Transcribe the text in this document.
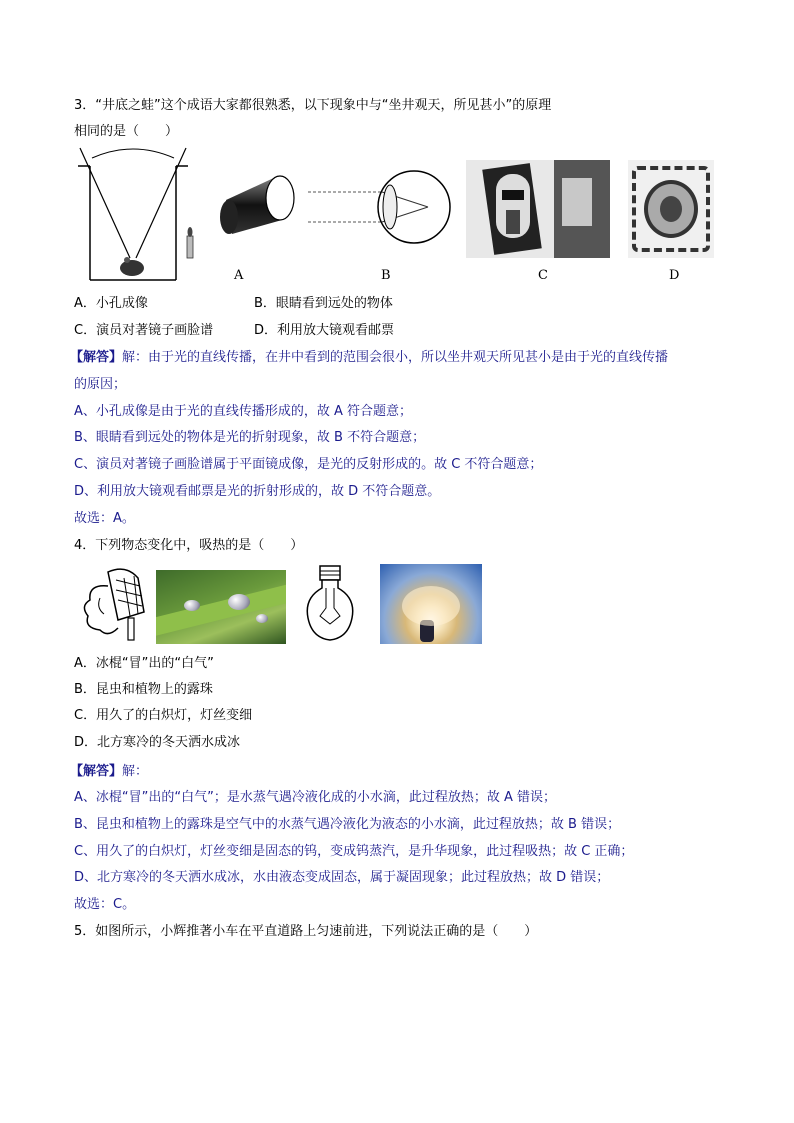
3．“井底之蛙”这个成语大家都很熟悉，以下现象中与“坐井观天，所见甚小”的原理
相同的是（　　）
A	B	C	D
A．小孔成像	B．眼睛看到远处的物体
C．演员对著镜子画脸谱	D．利用放大镜观看邮票
【解答】解：由于光的直线传播，在井中看到的范围会很小，所以坐井观天所见甚小是由于光的直线传播
的原因；
A、小孔成像是由于光的直线传播形成的，故 A 符合题意；
B、眼睛看到远处的物体是光的折射现象，故 B 不符合题意；
C、演员对著镜子画脸谱属于平面镜成像，是光的反射形成的。故 C 不符合题意；
D、利用放大镜观看邮票是光的折射形成的，故 D 不符合题意。
故选：A。
4．下列物态变化中，吸热的是（　　）
A．冰棍“冒”出的“白气”
B．昆虫和植物上的露珠
C．用久了的白炽灯，灯丝变细
D．北方寒冷的冬天洒水成冰
【解答】解：
A、冰棍“冒”出的“白气”；是水蒸气遇冷液化成的小水滴，此过程放热；故 A 错误；
B、昆虫和植物上的露珠是空气中的水蒸气遇冷液化为液态的小水滴，此过程放热；故 B 错误；
C、用久了的白炽灯，灯丝变细是固态的钨，变成钨蒸汽，是升华现象，此过程吸热；故 C 正确；
D、北方寒冷的冬天洒水成冰，水由液态变成固态，属于凝固现象；此过程放热；故 D 错误；
故选：C。
5．如图所示，小辉推著小车在平直道路上匀速前进，下列说法正确的是（　　）
